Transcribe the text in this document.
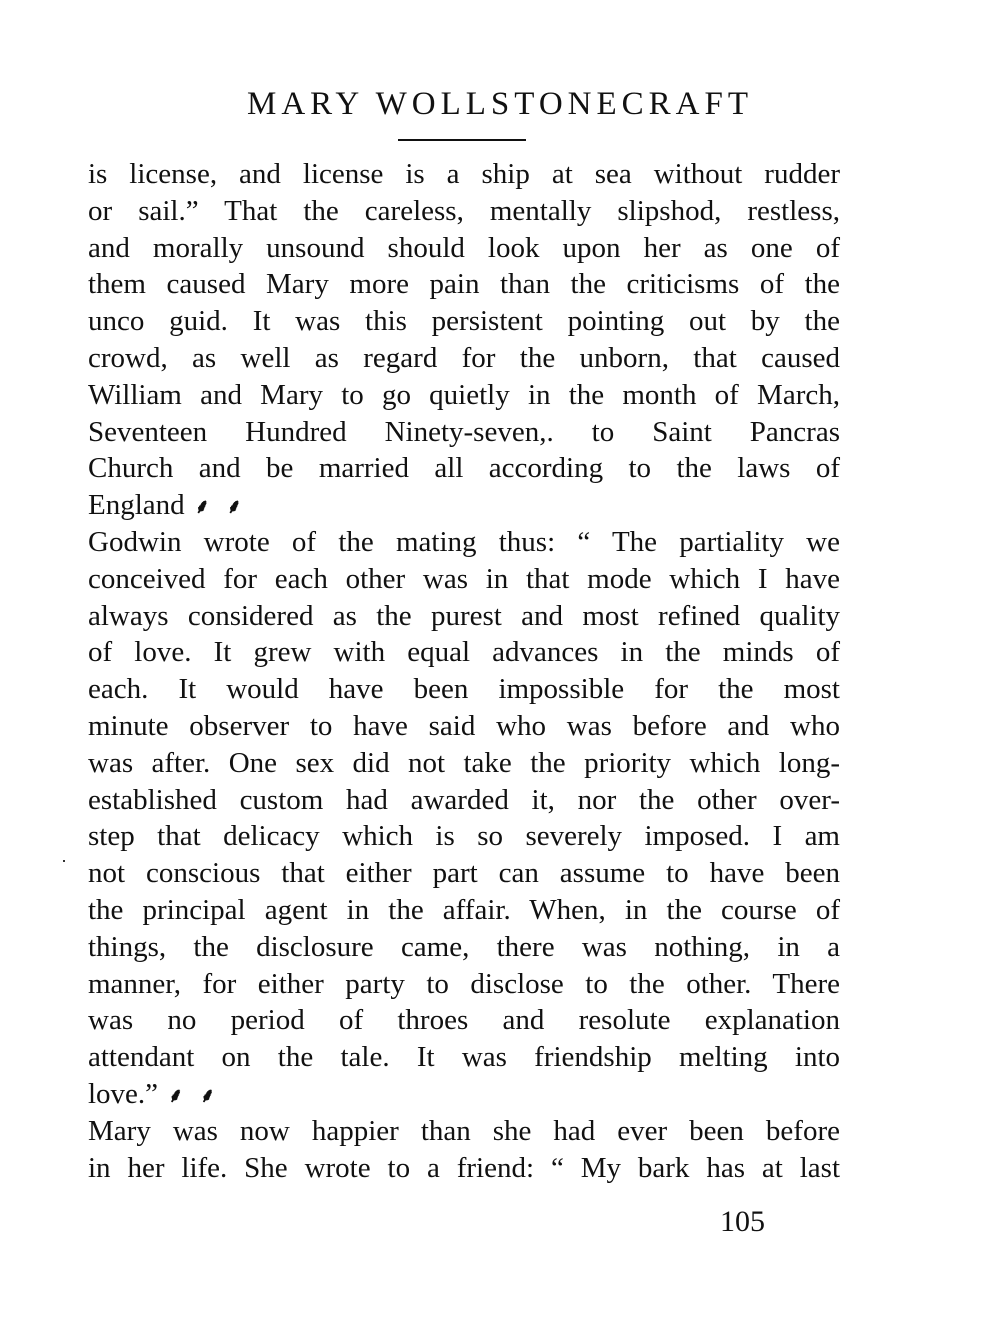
MARY WOLLSTONECRAFT
is license, and license is a ship at sea without rudder
or sail.” That the careless, mentally slipshod, restless,
and morally unsound should look upon her as one of
them caused Mary more pain than the criticisms of the
unco guid. It was this persistent pointing out by the
crowd, as well as regard for the unborn, that caused
William and Mary to go quietly in the month of March,
Seventeen Hundred Ninety-seven,. to Saint Pancras
Church and be married all according to the laws of
England ⸙ ⸙
Godwin wrote of the mating thus: “ The partiality we
conceived for each other was in that mode which I have
always considered as the purest and most refined quality
of love. It grew with equal advances in the minds of
each. It would have been impossible for the most
minute observer to have said who was before and who
was after. One sex did not take the priority which long-
established custom had awarded it, nor the other over-
step that delicacy which is so severely imposed. I am
not conscious that either part can assume to have been
the principal agent in the affair. When, in the course of
things, the disclosure came, there was nothing, in a
manner, for either party to disclose to the other. There
was no period of throes and resolute explanation
attendant on the tale. It was friendship melting into
love.” ⸙ ⸙
Mary was now happier than she had ever been before
in her life. She wrote to a friend: “ My bark has at last
105
